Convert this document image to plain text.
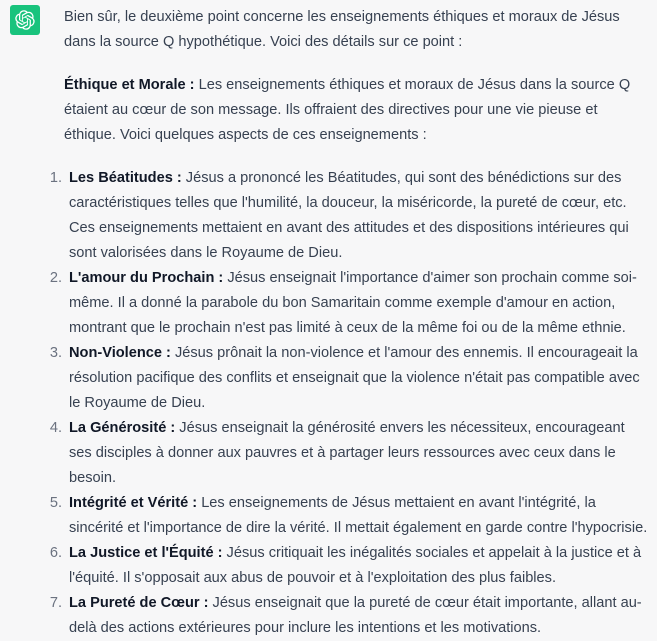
Bien sûr, le deuxième point concerne les enseignements éthiques et moraux de Jésus dans la source Q hypothétique. Voici des détails sur ce point :

Éthique et Morale : Les enseignements éthiques et moraux de Jésus dans la source Q étaient au cœur de son message. Ils offraient des directives pour une vie pieuse et éthique. Voici quelques aspects de ces enseignements :

1. Les Béatitudes : Jésus a prononcé les Béatitudes, qui sont des bénédictions sur des caractéristiques telles que l'humilité, la douceur, la miséricorde, la pureté de cœur, etc. Ces enseignements mettaient en avant des attitudes et des dispositions intérieures qui sont valorisées dans le Royaume de Dieu.
2. L'amour du Prochain : Jésus enseignait l'importance d'aimer son prochain comme soi-même. Il a donné la parabole du bon Samaritain comme exemple d'amour en action, montrant que le prochain n'est pas limité à ceux de la même foi ou de la même ethnie.
3. Non-Violence : Jésus prônait la non-violence et l'amour des ennemis. Il encourageait la résolution pacifique des conflits et enseignait que la violence n'était pas compatible avec le Royaume de Dieu.
4. La Générosité : Jésus enseignait la générosité envers les nécessiteux, encourageant ses disciples à donner aux pauvres et à partager leurs ressources avec ceux dans le besoin.
5. Intégrité et Vérité : Les enseignements de Jésus mettaient en avant l'intégrité, la sincérité et l'importance de dire la vérité. Il mettait également en garde contre l'hypocrisie.
6. La Justice et l'Équité : Jésus critiquait les inégalités sociales et appelait à la justice et à l'équité. Il s'opposait aux abus de pouvoir et à l'exploitation des plus faibles.
7. La Pureté de Cœur : Jésus enseignait que la pureté de cœur était importante, allant au-delà des actions extérieures pour inclure les intentions et les motivations.
